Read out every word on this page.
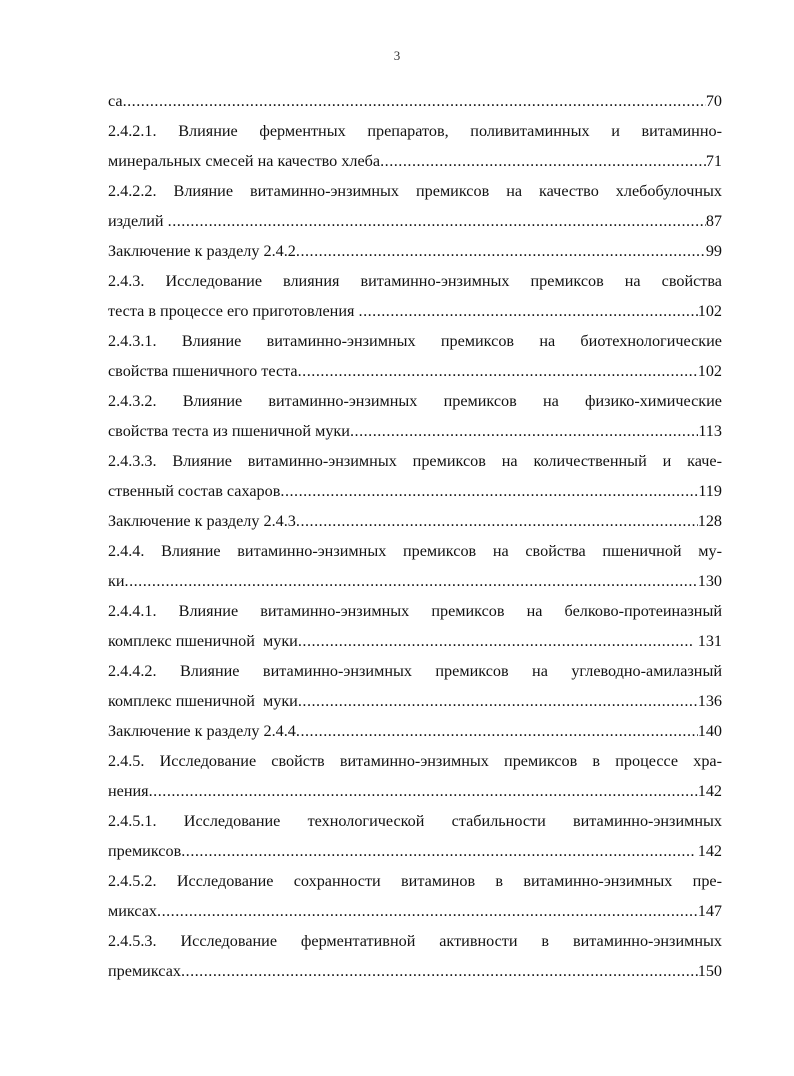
3
са .....	70
2.4.2.1. Влияние ферментных препаратов, поливитаминных и витаминно-
минеральных смесей на качество хлеба .....	71
2.4.2.2. Влияние витаминно-энзимных премиксов на качество хлебобулочных
изделий .....	87
Заключение к разделу 2.4.2 .....	99
2.4.3. Исследование влияния витаминно-энзимных премиксов на свойства
теста в процессе его приготовления .....	102
2.4.3.1. Влияние витаминно-энзимных премиксов на биотехнологические
свойства пшеничного теста .....	102
2.4.3.2. Влияние витаминно-энзимных премиксов на физико-химические
свойства теста из пшеничной муки .....	113
2.4.3.3. Влияние витаминно-энзимных премиксов на количественный и каче-
ственный состав сахаров .....	119
Заключение к разделу 2.4.3 .....	128
2.4.4. Влияние витаминно-энзимных премиксов на свойства пшеничной му-
ки .....	130
2.4.4.1. Влияние витаминно-энзимных премиксов на белково-протеиназный
комплекс пшеничной  муки .....	131
2.4.4.2. Влияние витаминно-энзимных премиксов на углеводно-амилазный
комплекс пшеничной  муки .....	136
Заключение к разделу 2.4.4 .....	140
2.4.5. Исследование свойств витаминно-энзимных премиксов в процессе хра-
нения .....	142
2.4.5.1. Исследование технологической стабильности витаминно-энзимных
премиксов .....	142
2.4.5.2. Исследование сохранности витаминов в витаминно-энзимных пре-
миксах .....	147
2.4.5.3. Исследование ферментативной активности в витаминно-энзимных
премиксах .....	150
